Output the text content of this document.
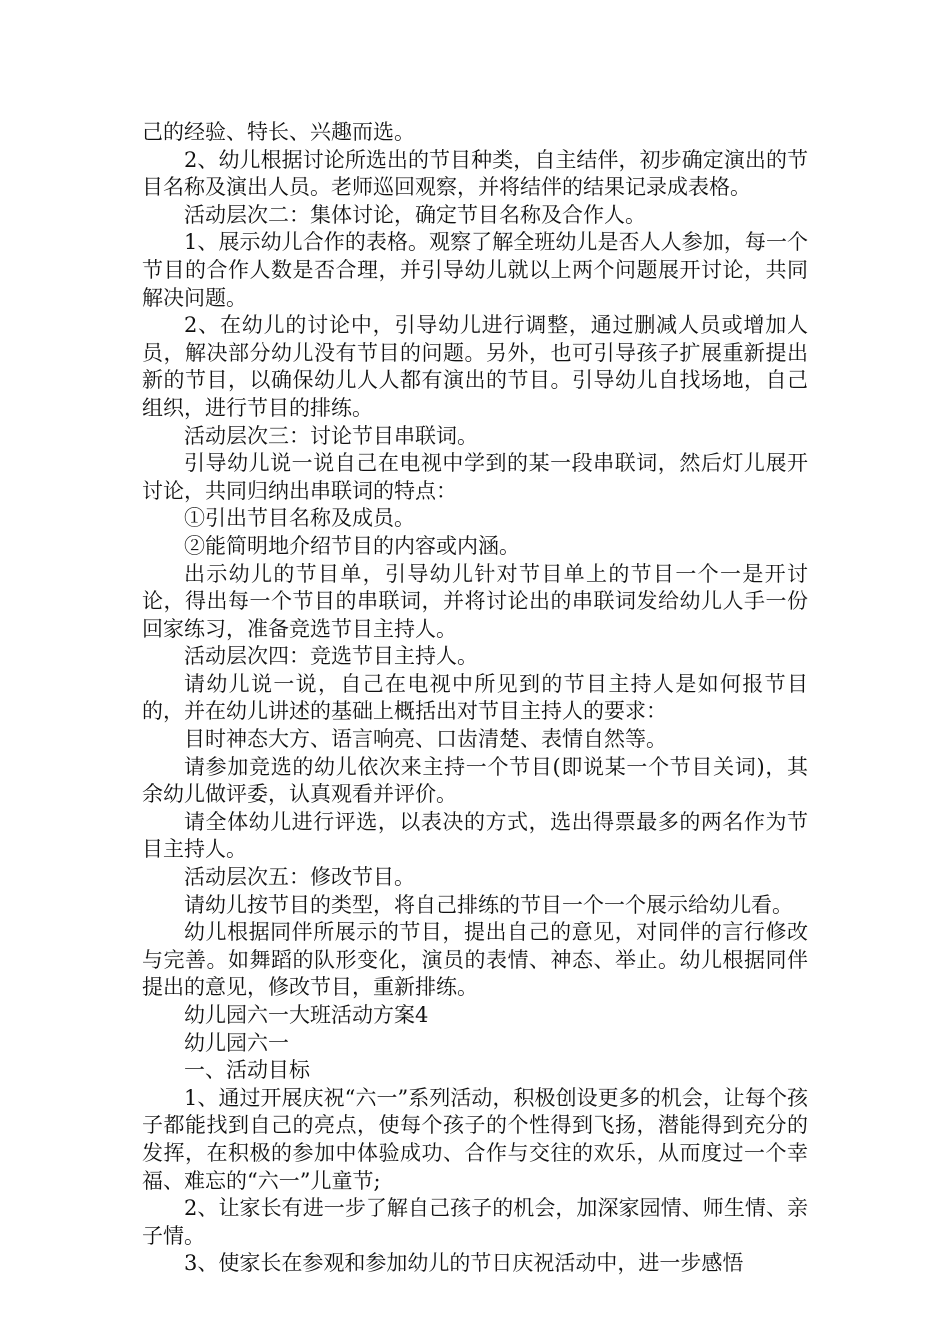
己的经验、特长、兴趣而选。

2、幼儿根据讨论所选出的节目种类，自主结伴，初步确定演出的节目名称及演出人员。老师巡回观察，并将结伴的结果记录成表格。

活动层次二：集体讨论，确定节目名称及合作人。

1、展示幼儿合作的表格。观察了解全班幼儿是否人人参加，每一个节目的合作人数是否合理，并引导幼儿就以上两个问题展开讨论，共同解决问题。

2、在幼儿的讨论中，引导幼儿进行调整，通过删减人员或增加人员，解决部分幼儿没有节目的问题。另外，也可引导孩子扩展重新提出新的节目，以确保幼儿人人都有演出的节目。引导幼儿自找场地，自己组织，进行节目的排练。

活动层次三：讨论节目串联词。

引导幼儿说一说自己在电视中学到的某一段串联词，然后灯儿展开讨论，共同归纳出串联词的特点：

①引出节目名称及成员。

②能简明地介绍节目的内容或内涵。

出示幼儿的节目单，引导幼儿针对节目单上的节目一个一是开讨论，得出每一个节目的串联词，并将讨论出的串联词发给幼儿人手一份回家练习，准备竞选节目主持人。

活动层次四：竞选节目主持人。

请幼儿说一说，自己在电视中所见到的节目主持人是如何报节目的，并在幼儿讲述的基础上概括出对节目主持人的要求：

目时神态大方、语言响亮、口齿清楚、表情自然等。

请参加竞选的幼儿依次来主持一个节目(即说某一个节目关词)，其余幼儿做评委，认真观看并评价。

请全体幼儿进行评选，以表决的方式，选出得票最多的两名作为节目主持人。

活动层次五：修改节目。

请幼儿按节目的类型，将自己排练的节目一个一个展示给幼儿看。

幼儿根据同伴所展示的节目，提出自己的意见，对同伴的言行修改与完善。如舞蹈的队形变化，演员的表情、神态、举止。幼儿根据同伴提出的意见，修改节目，重新排练。

幼儿园六一大班活动方案4

幼儿园六一

一、活动目标

1、通过开展庆祝“六一”系列活动，积极创设更多的机会，让每个孩子都能找到自己的亮点，使每个孩子的个性得到飞扬，潜能得到充分的发挥，在积极的参加中体验成功、合作与交往的欢乐，从而度过一个幸福、难忘的“六一”儿童节;

2、让家长有进一步了解自己孩子的机会，加深家园情、师生情、亲子情。

3、使家长在参观和参加幼儿的节日庆祝活动中，进一步感悟
